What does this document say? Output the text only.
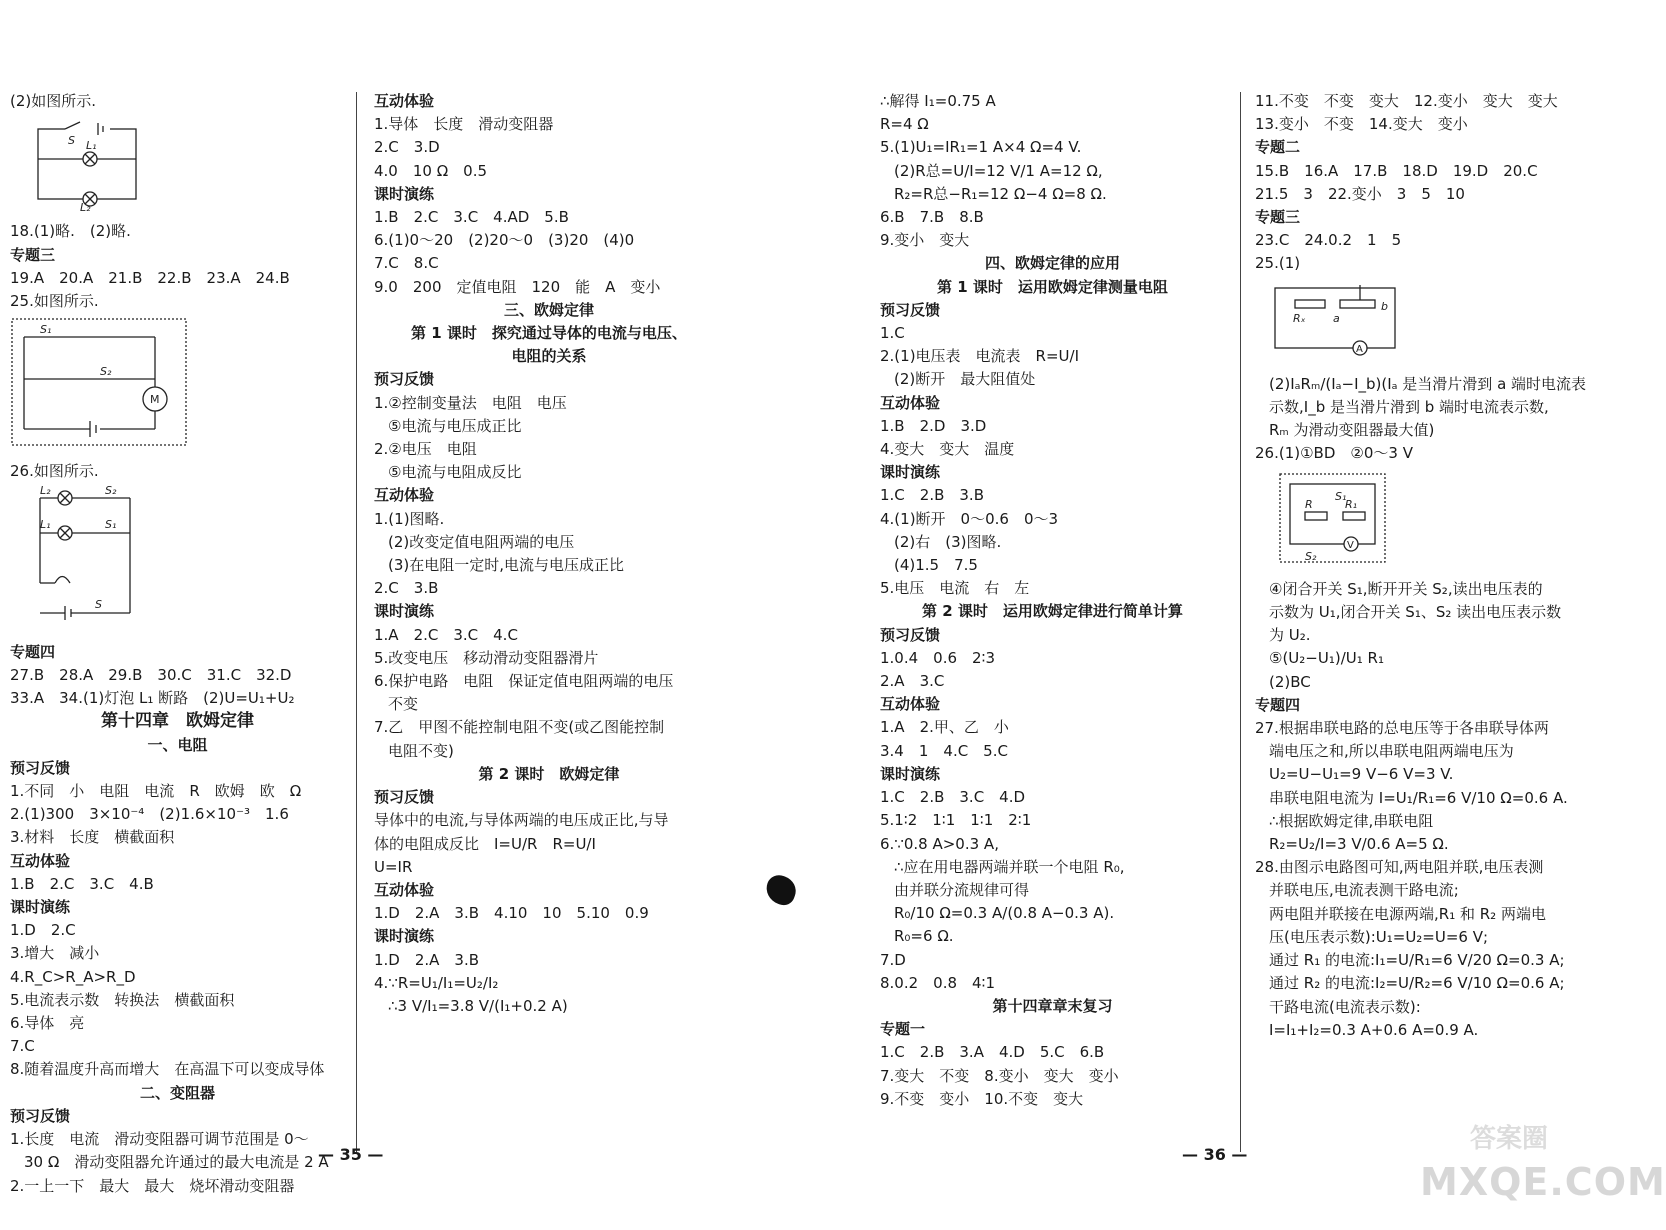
(2)如图所示.
S L₁
L₂
18.(1)略.　(2)略.
专题三
19.A　20.A　21.B　22.B　23.A　24.B
25.如图所示.
S₁
S₂
M
26.如图所示.
L₂
L₁
S₂
S₁
S
专题四
27.B　28.A　29.B　30.C　31.C　32.D
33.A　34.(1)灯泡 L₁ 断路　(2)U=U₁+U₂
第十四章　欧姆定律
一、电阻
预习反馈
1.不同　小　电阻　电流　R　欧姆　欧　Ω
2.(1)300　3×10⁻⁴　(2)1.6×10⁻³　1.6
3.材料　长度　横截面积
互动体验
1.B　2.C　3.C　4.B
课时演练
1.D　2.C
3.增大　减小
4.R_C>R_A>R_D
5.电流表示数　转换法　横截面积
6.导体　亮
7.C
8.随着温度升高而增大　在高温下可以变成导体
二、变阻器
预习反馈
1.长度　电流　滑动变阻器可调节范围是 0～
30 Ω　滑动变阻器允许通过的最大电流是 2 A
2.一上一下　最大　最大　烧坏滑动变阻器
互动体验
1.导体　长度　滑动变阻器
2.C　3.D
4.0　10 Ω　0.5
课时演练
1.B　2.C　3.C　4.AD　5.B
6.(1)0～20　(2)20～0　(3)20　(4)0
7.C　8.C
9.0　200　定值电阻　120　能　A　变小
三、欧姆定律
第 1 课时　探究通过导体的电流与电压、
电阻的关系
预习反馈
1.②控制变量法　电阻　电压
⑤电流与电压成正比
2.②电压　电阻
⑤电流与电阻成反比
互动体验
1.(1)图略.
(2)改变定值电阻两端的电压
(3)在电阻一定时,电流与电压成正比
2.C　3.B
课时演练
1.A　2.C　3.C　4.C
5.改变电压　移动滑动变阻器滑片
6.保护电路　电阻　保证定值电阻两端的电压
不变
7.乙　甲图不能控制电阻不变(或乙图能控制
电阻不变)
第 2 课时　欧姆定律
预习反馈
导体中的电流,与导体两端的电压成正比,与导
体的电阻成反比　I=U/R　R=U/I
U=IR
互动体验
1.D　2.A　3.B　4.10　10　5.10　0.9
课时演练
1.D　2.A　3.B
4.∵R=U₁/I₁=U₂/I₂
∴3 V/I₁=3.8 V/(I₁+0.2 A)
∴解得 I₁=0.75 A
R=4 Ω
5.(1)U₁=IR₁=1 A×4 Ω=4 V.
(2)R总=U/I=12 V/1 A=12 Ω,
R₂=R总−R₁=12 Ω−4 Ω=8 Ω.
6.B　7.B　8.B
9.变小　变大
四、欧姆定律的应用
第 1 课时　运用欧姆定律测量电阻
预习反馈
1.C
2.(1)电压表　电流表　R=U/I
(2)断开　最大阻值处
互动体验
1.B　2.D　3.D
4.变大　变大　温度
课时演练
1.C　2.B　3.B
4.(1)断开　0～0.6　0～3
(2)右　(3)图略.
(4)1.5　7.5
5.电压　电流　右　左
第 2 课时　运用欧姆定律进行简单计算
预习反馈
1.0.4　0.6　2∶3
2.A　3.C
互动体验
1.A　2.甲、乙　小
3.4　1　4.C　5.C
课时演练
1.C　2.B　3.C　4.D
5.1∶2　1∶1　1∶1　2∶1
6.∵0.8 A>0.3 A,
∴应在用电器两端并联一个电阻 R₀,
由并联分流规律可得
R₀/10 Ω=0.3 A/(0.8 A−0.3 A).
R₀=6 Ω.
7.D
8.0.2　0.8　4∶1
第十四章章末复习
专题一
1.C　2.B　3.A　4.D　5.C　6.B
7.变大　不变　8.变小　变大　变小
9.不变　变小　10.不变　变大
11.不变　不变　变大　12.变小　变大　变大
13.变小　不变　14.变大　变小
专题二
15.B　16.A　17.B　18.D　19.D　20.C
21.5　3　22.变小　3　5　10
专题三
23.C　24.0.2　1　5
25.(1)
Rₓ a
b
A
(2)IₐRₘ/(Iₐ−I_b)(Iₐ 是当滑片滑到 a 端时电流表
示数,I_b 是当滑片滑到 b 端时电流表示数,
Rₘ 为滑动变阻器最大值)
26.(1)①BD　②0～3 V
S₁
R	R₁
S₂
V
④闭合开关 S₁,断开开关 S₂,读出电压表的
示数为 U₁,闭合开关 S₁、S₂ 读出电压表示数
为 U₂.
⑤(U₂−U₁)/U₁ R₁
(2)BC
专题四
27.根据串联电路的总电压等于各串联导体两
端电压之和,所以串联电阻两端电压为
U₂=U−U₁=9 V−6 V=3 V.
串联电阻电流为 I=U₁/R₁=6 V/10 Ω=0.6 A.
∴根据欧姆定律,串联电阻
R₂=U₂/I=3 V/0.6 A=5 Ω.
28.由图示电路图可知,两电阻并联,电压表测
并联电压,电流表测干路电流;
两电阻并联接在电源两端,R₁ 和 R₂ 两端电
压(电压表示数):U₁=U₂=U=6 V;
通过 R₁ 的电流:I₁=U/R₁=6 V/20 Ω=0.3 A;
通过 R₂ 的电流:I₂=U/R₂=6 V/10 Ω=0.6 A;
干路电流(电流表示数):
I=I₁+I₂=0.3 A+0.6 A=0.9 A.
— 35 —	— 36 —
答案圈
MXQE.COM
